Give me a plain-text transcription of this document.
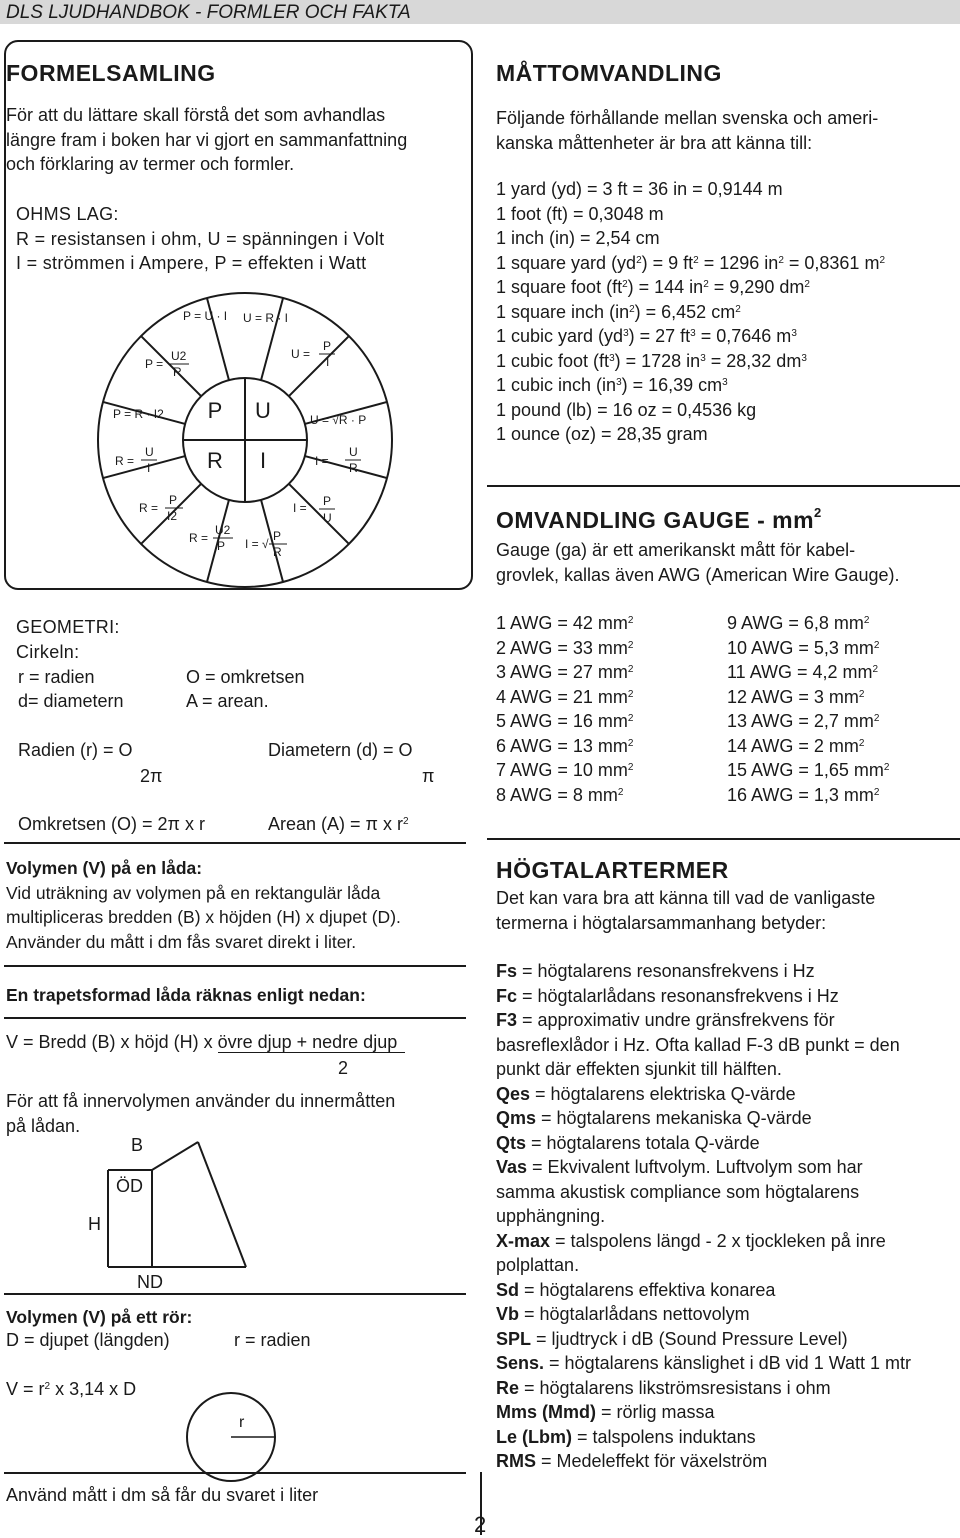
DLS LJUDHANDBOK - FORMLER OCH FAKTA
FORMELSAMLING
För att du lättare skall förstå det som avhandlas
längre fram i boken har vi gjort en sammanfattning
och förklaring av termer och formler.
OHMS LAG:
R = resistansen i ohm, U = spänningen i Volt
I = strömmen i Ampere, P = effekten i Watt
P U
R I
P = U · I U = R · I
U =
P
I
U = √R · P
I =
U
R
I = P
U
I = √
P
R
R =
U2
P
R =
P
I2
R =
U
I
P = R · I2
P =
U2
R
GEOMETRI:
Cirkeln:
r = radien	O = omkretsen
d= diametern	A = arean.
Radien (r) = O
2π
Diametern (d) = O
π
Omkretsen (O) = 2π x r	Arean (A) = π x $r^2$
Volymen (V) på en låda:
Vid uträkning av volymen på en rektangulär låda
multipliceras bredden (B) x höjden (H) x djupet (D).
Använder du mått i dm fås svaret direkt i liter.
En trapetsformad låda räknas enligt nedan:
V = Bredd (B) x höjd (H) x övre djup + nedre djup
2
För att få innervolymen använder du innermåtten
på lådan.
B
ÖD
H
ND
Volymen (V) på ett rör:
D = djupet (längden)	r = radien
$V = r^2$ x 3,14 x D
r
Använd mått i dm så får du svaret i liter
2
MÅTTOMVANDLING
Följande förhållande mellan svenska och ameri-
kanska måttenheter är bra att känna till:
1 yard (yd) = 3 ft = 36 in = 0,9144 m
1 foot (ft) = 0,3048 m
1 inch (in) = 2,54 cm
1 square yard $(yd^2) = 9$ $ft^2 = 1296$ $in^2 = 0,8361$ $m^2$
1 square foot $(ft^2) = 144$ $in^2 = 9,290$ $dm^2$
1 square inch $(in^2) = 6,452$ $cm^2$
1 cubic yard $(yd^3) = 27$ $ft^3 = 0,7646$ $m^3$
1 cubic foot $(ft^3) = 1728$ $in^3 = 28,32$ $dm^3$
1 cubic inch $(in^3) = 16,39$ $cm^3$
1 pound (lb) = 16 oz = 0,4536 kg
1 ounce (oz) = 28,35 gram
OMVANDLING GAUGE - $mm^2$
Gauge (ga) är ett amerikanskt mått för kabel-
grovlek, kallas även AWG (American Wire Gauge).
1 AWG = 42 $mm^2$
2 AWG = 33 $mm^2$
3 AWG = 27 $mm^2$
4 AWG = 21 $mm^2$
5 AWG = 16 $mm^2$
6 AWG = 13 $mm^2$
7 AWG = 10 $mm^2$
8 AWG = 8 $mm^2$
9 AWG = 6,8 $mm^2$
10 AWG = 5,3 $mm^2$
11 AWG = 4,2 $mm^2$
12 AWG = 3 $mm^2$
13 AWG = 2,7 $mm^2$
14 AWG = 2 $mm^2$
15 AWG = 1,65 $mm^2$
16 AWG = 1,3 $mm^2$
HÖGTALARTERMER
Det kan vara bra att känna till vad de vanligaste
termerna i högtalarsammanhang betyder:
Fs = högtalarens resonansfrekvens i Hz
Fc = högtalarlådans resonansfrekvens i Hz
F3 = approximativ undre gränsfrekvens för
basreflexlådor i Hz. Ofta kallad F-3 dB punkt = den
punkt där effekten sjunkit till hälften.
Qes = högtalarens elektriska Q-värde
Qms = högtalarens mekaniska Q-värde
Qts = högtalarens totala Q-värde
Vas = Ekvivalent luftvolym. Luftvolym som har
samma akustisk compliance som högtalarens
upphängning.
X-max = talspolens längd - 2 x tjockleken på inre
polplattan.
Sd = högtalarens effektiva konarea
Vb = högtalarlådans nettovolym
SPL = ljudtryck i dB (Sound Pressure Level)
Sens. = högtalarens känslighet i dB vid 1 Watt 1 mtr
Re = högtalarens likströmsresistans i ohm
Mms (Mmd) = rörlig massa
Le (Lbm) = talspolens induktans
RMS = Medeleffekt för växelström
